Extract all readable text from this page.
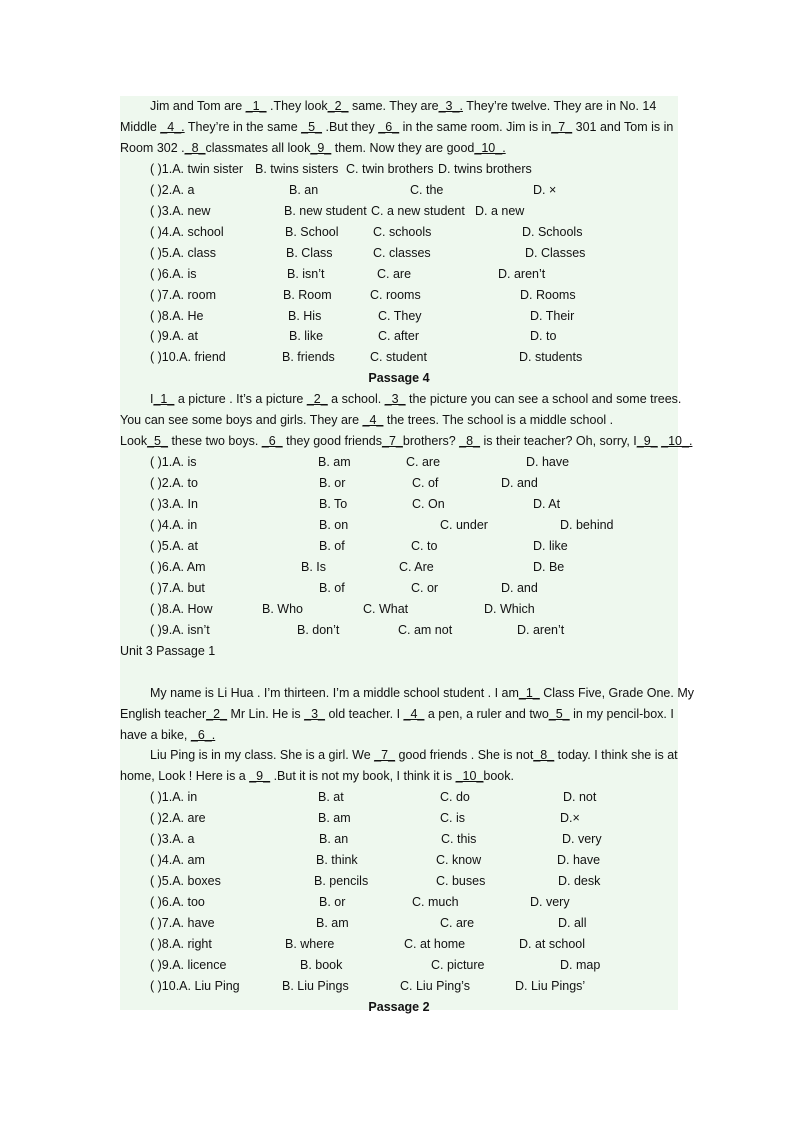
Jim and Tom are _1_ .They look_2_ same. They are_3_. They’re twelve. They are in No. 14
Middle _4_. They’re in the same _5_ .But they _6_ in the same room. Jim is in_7_ 301 and Tom is in
Room 302 ._8_classmates all look_9_ them. Now they are good_10_.
( )1.A. twin sister B. twins sisters C. twin brothers D. twins brothers
( )2.A. a	B. an	C. the	D. ×
( )3.A. new	B. new student C. a new student D. a new
( )4.A. school	B. School	C. schools	D. Schools
( )5.A. class	B. Class	C. classes	D. Classes
( )6.A. is	B. isn’t	C. are	D. aren’t
( )7.A. room	B. Room	C. rooms	D. Rooms
( )8.A. He	B. His	C. They	D. Their
( )9.A. at	B. like	C. after	D. to
( )10.A. friend	B. friends	C. student	D. students
Passage 4
I_1_ a picture . It’s a picture _2_ a school. _3_ the picture you can see a school and some trees.
You can see some boys and girls. They are _4_ the trees. The school is a middle school .
Look_5_ these two boys. _6_ they good friends_7_brothers? _8_ is their teacher? Oh, sorry, I_9_ _10_.
( )1.A. is	B. am	C. are	D. have
( )2.A. to	B. or	C. of	D. and
( )3.A. In	B. To	C. On	D. At
( )4.A. in	B. on	C. under	D. behind
( )5.A. at	B. of	C. to	D. like
( )6.A. Am	B. Is	C. Are	D. Be
( )7.A. but	B. of	C. or	D. and
( )8.A. How	B. Who	C. What	D. Which
( )9.A. isn’t	B. don’t	C. am not	D. aren’t
Unit 3 Passage 1
My name is Li Hua . I’m thirteen. I’m a middle school student . I am_1_ Class Five, Grade One. My
English teacher_2_ Mr Lin. He is _3_ old teacher. I _4_ a pen, a ruler and two_5_ in my pencil-box. I
have a bike, _6_.
Liu Ping is in my class. She is a girl. We _7_ good friends . She is not_8_ today. I think she is at
home, Look ! Here is a _9_ .But it is not my book, I think it is _10_book.
( )1.A. in	B. at	C. do	D. not
( )2.A. are	B. am	C. is	D.×
( )3.A. a	B. an	C. this	D. very
( )4.A. am	B. think	C. know	D. have
( )5.A. boxes	B. pencils	C. buses	D. desk
( )6.A. too	B. or	C. much	D. very
( )7.A. have	B. am	C. are	D. all
( )8.A. right	B. where	C. at home	D. at school
( )9.A. licence	B. book	C. picture	D. map
( )10.A. Liu Ping	B. Liu Pings	C. Liu Ping’s	D. Liu Pings’
Passage 2
